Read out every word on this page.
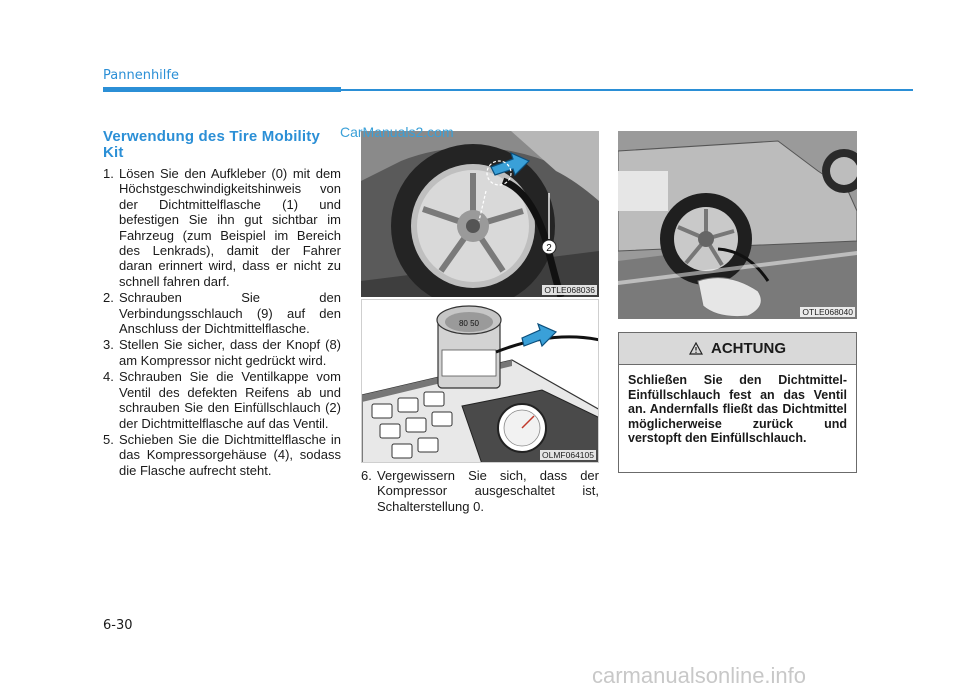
Pannenhilfe
Verwendung des Tire Mobility Kit
1. Lösen Sie den Aufkleber (0) mit dem Höchstgeschwindigkeitshinweis von der Dichtmittelflasche (1) und befestigen Sie ihn gut sichtbar im Fahrzeug (zum Beispiel im Bereich des Lenkrads), damit der Fahrer daran erinnert wird, dass er nicht zu schnell fahren darf.
2. Schrauben Sie den Verbindungsschlauch (9) auf den Anschluss der Dichtmittelflasche.
3. Stellen Sie sicher, dass der Knopf (8) am Kompressor nicht gedrückt wird.
4. Schrauben Sie die Ventilkappe vom Ventil des defekten Reifens ab und schrauben Sie den Einfüllschlauch (2) der Dichtmittelflasche auf das Ventil.
5. Schieben Sie die Dichtmittelflasche in das Kompressorgehäuse (4), sodass die Flasche aufrecht steht.
2
OTLE068036
80 50
OLMF064105
OTLE068040
6. Vergewissern Sie sich, dass der Kompressor ausgeschaltet ist, Schalterstellung 0.
ACHTUNG
Schließen Sie den Dichtmittel-Einfüllschlauch fest an das Ventil an. Andernfalls fließt das Dichtmittel möglicherweise zurück und verstopft den Einfüllschlauch.
CarManuals2.com
6-30
carmanualsonline.info
